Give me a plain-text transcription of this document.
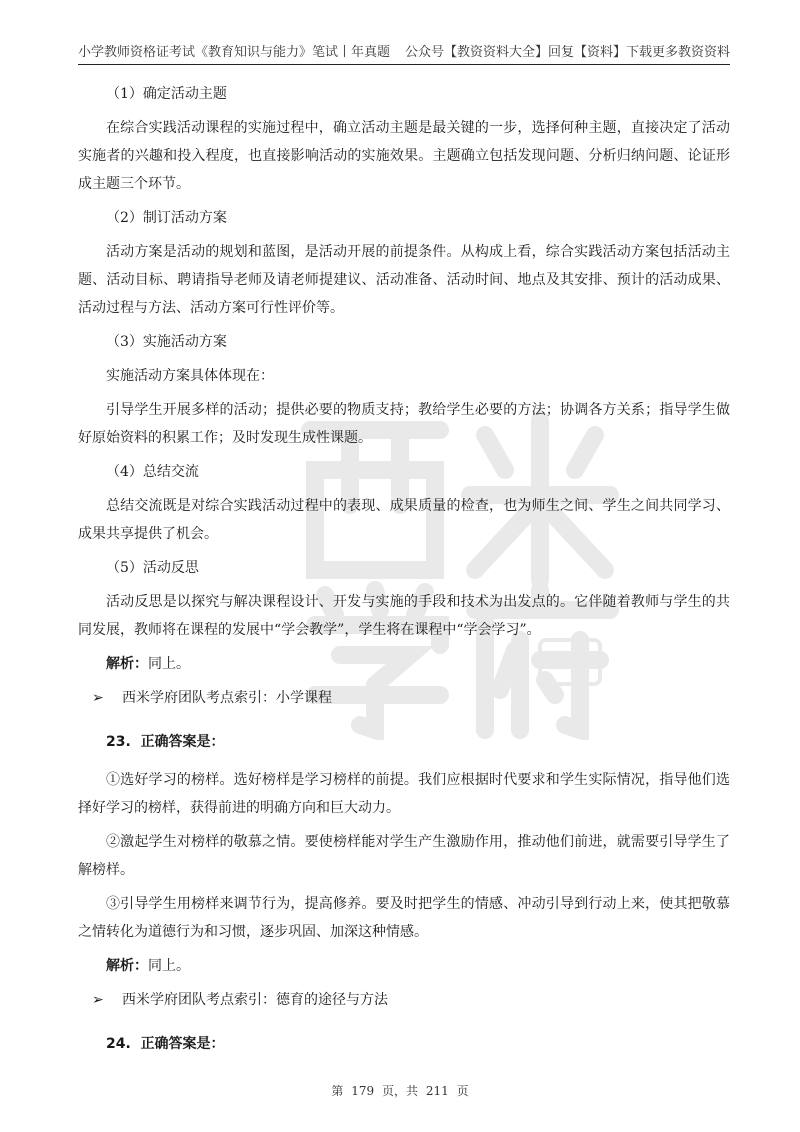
小学教师资格证考试《教育知识与能力》笔试丨年真题 公众号【教资资料大全】回复【资料】下载更多教资资料

（1）确定活动主题

在综合实践活动课程的实施过程中，确立活动主题是最关键的一步，选择何种主题，直接决定了活动实施者的兴趣和投入程度，也直接影响活动的实施效果。主题确立包括发现问题、分析归纳问题、论证形成主题三个环节。

（2）制订活动方案

活动方案是活动的规划和蓝图，是活动开展的前提条件。从构成上看，综合实践活动方案包括活动主题、活动目标、聘请指导老师及请老师提建议、活动准备、活动时间、地点及其安排、预计的活动成果、活动过程与方法、活动方案可行性评价等。

（3）实施活动方案

实施活动方案具体体现在：

引导学生开展多样的活动；提供必要的物质支持；教给学生必要的方法；协调各方关系；指导学生做好原始资料的积累工作；及时发现生成性课题。

（4）总结交流

总结交流既是对综合实践活动过程中的表现、成果质量的检查，也为师生之间、学生之间共同学习、成果共享提供了机会。

（5）活动反思

活动反思是以探究与解决课程设计、开发与实施的手段和技术为出发点的。它伴随着教师与学生的共同发展，教师将在课程的发展中“学会教学”，学生将在课程中“学会学习”。

解析：同上。

➢ 西米学府团队考点索引：小学课程

23. 正确答案是：

①选好学习的榜样。选好榜样是学习榜样的前提。我们应根据时代要求和学生实际情况，指导他们选择好学习的榜样，获得前进的明确方向和巨大动力。

②激起学生对榜样的敬慕之情。要使榜样能对学生产生激励作用，推动他们前进，就需要引导学生了解榜样。

③引导学生用榜样来调节行为，提高修养。要及时把学生的情感、冲动引导到行动上来，使其把敬慕之情转化为道德行为和习惯，逐步巩固、加深这种情感。

解析：同上。

➢ 西米学府团队考点索引：德育的途径与方法

24. 正确答案是：

第 179 页，共 211 页
